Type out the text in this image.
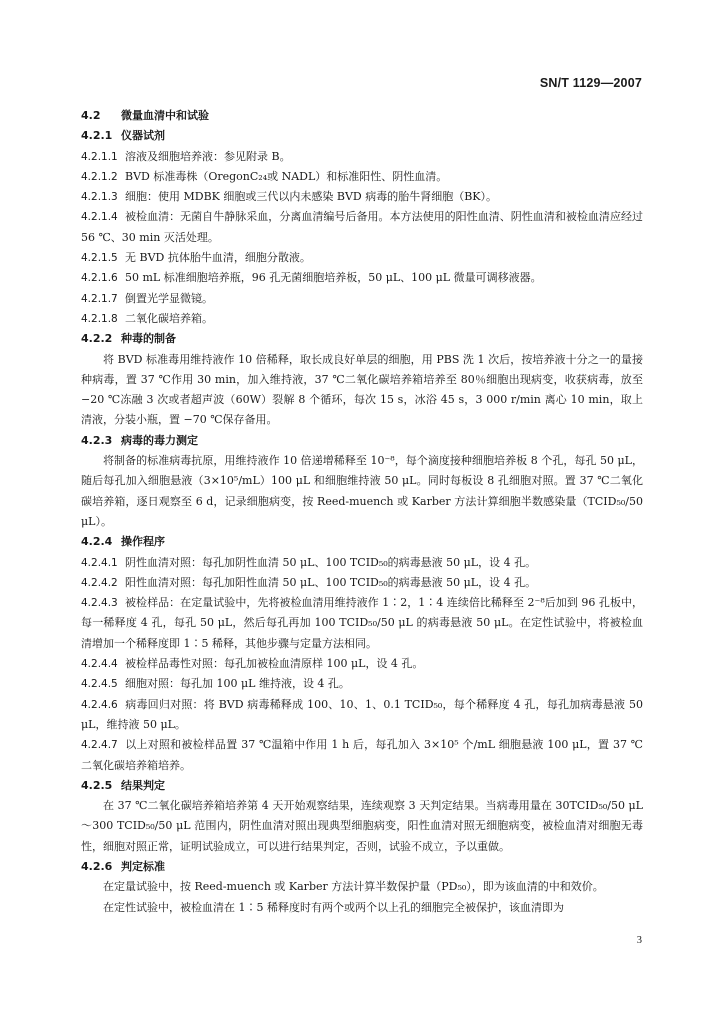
SN/T 1129—2007

4.2 微量血清中和试验

4.2.1 仪器试剂

4.2.1.1 溶液及细胞培养液：参见附录 B。

4.2.1.2 BVD 标准毒株（OregonC₂₄或 NADL）和标准阳性、阴性血清。

4.2.1.3 细胞：使用 MDBK 细胞或三代以内未感染 BVD 病毒的胎牛肾细胞（BK）。

4.2.1.4 被检血清：无菌自牛静脉采血，分离血清编号后备用。本方法使用的阳性血清、阴性血清和被检血清应经过 56 ℃、30 min 灭活处理。

4.2.1.5 无 BVD 抗体胎牛血清，细胞分散液。

4.2.1.6 50 mL 标准细胞培养瓶，96 孔无菌细胞培养板，50 μL、100 μL 微量可调移液器。

4.2.1.7 倒置光学显微镜。

4.2.1.8 二氧化碳培养箱。

4.2.2 种毒的制备

将 BVD 标准毒用维持液作 10 倍稀释，取长成良好单层的细胞，用 PBS 洗 1 次后，按培养液十分之一的量接种病毒，置 37 ℃作用 30 min，加入维持液，37 ℃二氧化碳培养箱培养至 80％细胞出现病变，收获病毒，放至 −20 ℃冻融 3 次或者超声波（60W）裂解 8 个循环，每次 15 s，冰浴 45 s，3 000 r/min 离心 10 min，取上清液，分装小瓶，置 −70 ℃保存备用。

4.2.3 病毒的毒力测定

将制备的标准病毒抗原，用维持液作 10 倍递增稀释至 10⁻⁸，每个滴度接种细胞培养板 8 个孔，每孔 50 μL，随后每孔加入细胞悬液（3×10⁵/mL）100 μL 和细胞维持液 50 μL。同时每板设 8 孔细胞对照。置 37 ℃二氧化碳培养箱，逐日观察至 6 d，记录细胞病变，按 Reed-muench 或 Karber 方法计算细胞半数感染量（TCID₅₀/50 μL）。

4.2.4 操作程序

4.2.4.1 阴性血清对照：每孔加阴性血清 50 μL、100 TCID₅₀的病毒悬液 50 μL，设 4 孔。

4.2.4.2 阳性血清对照：每孔加阳性血清 50 μL、100 TCID₅₀的病毒悬液 50 μL，设 4 孔。

4.2.4.3 被检样品：在定量试验中，先将被检血清用维持液作 1∶2，1∶4 连续倍比稀释至 2⁻⁸后加到 96 孔板中，每一稀释度 4 孔，每孔 50 μL，然后每孔再加 100 TCID₅₀/50 μL 的病毒悬液 50 μL。在定性试验中，将被检血清增加一个稀释度即 1∶5 稀释，其他步骤与定量方法相同。

4.2.4.4 被检样品毒性对照：每孔加被检血清原样 100 μL，设 4 孔。

4.2.4.5 细胞对照：每孔加 100 μL 维持液，设 4 孔。

4.2.4.6 病毒回归对照：将 BVD 病毒稀释成 100、10、1、0.1 TCID₅₀，每个稀释度 4 孔，每孔加病毒悬液 50 μL，维持液 50 μL。

4.2.4.7 以上对照和被检样品置 37 ℃温箱中作用 1 h 后，每孔加入 3×10⁵ 个/mL 细胞悬液 100 μL，置 37 ℃二氧化碳培养箱培养。

4.2.5 结果判定

在 37 ℃二氧化碳培养箱培养第 4 天开始观察结果，连续观察 3 天判定结果。当病毒用量在 30TCID₅₀/50 μL～300 TCID₅₀/50 μL 范围内，阴性血清对照出现典型细胞病变，阳性血清对照无细胞病变，被检血清对细胞无毒性，细胞对照正常，证明试验成立，可以进行结果判定，否则，试验不成立，予以重做。

4.2.6 判定标准

在定量试验中，按 Reed-muench 或 Karber 方法计算半数保护量（PD₅₀），即为该血清的中和效价。

在定性试验中，被检血清在 1∶5 稀释度时有两个或两个以上孔的细胞完全被保护，该血清即为

3
